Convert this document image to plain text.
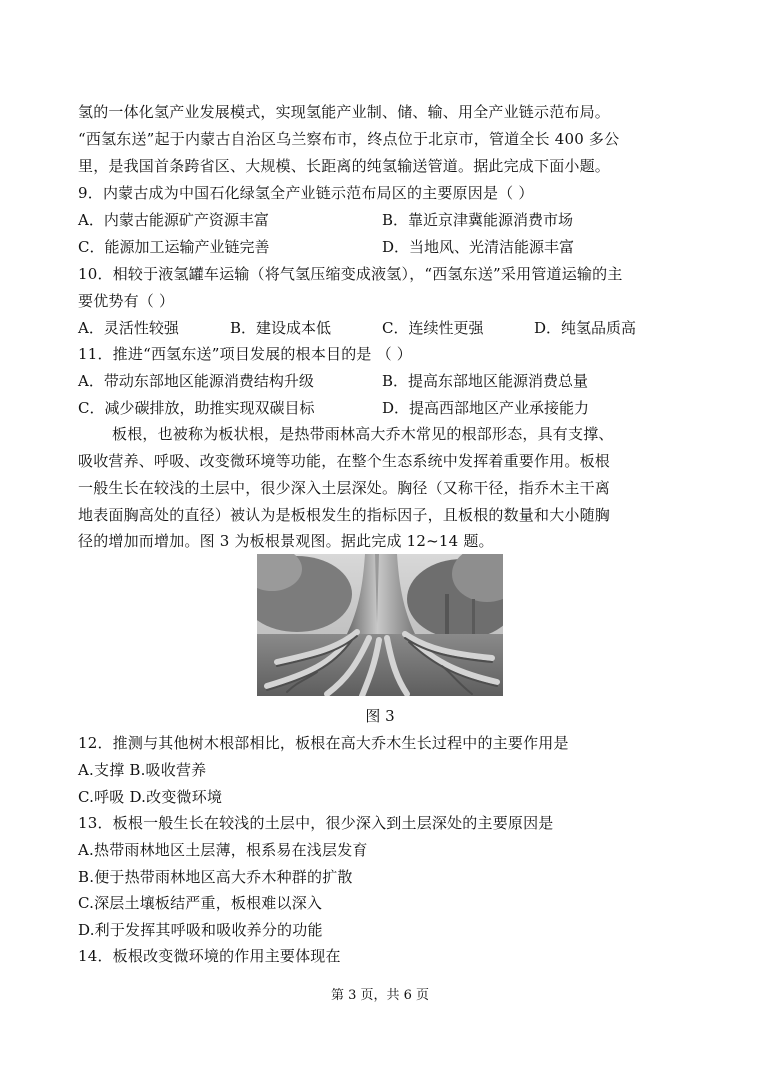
氢的一体化氢产业发展模式，实现氢能产业制、储、输、用全产业链示范布局。
“西氢东送”起于内蒙古自治区乌兰察布市，终点位于北京市，管道全长 400 多公
里，是我国首条跨省区、大规模、长距离的纯氢输送管道。据此完成下面小题。
9．内蒙古成为中国石化绿氢全产业链示范布局区的主要原因是（ ）
A．内蒙古能源矿产资源丰富	B．靠近京津冀能源消费市场
C．能源加工运输产业链完善	D．当地风、光清洁能源丰富
10．相较于液氢罐车运输（将气氢压缩变成液氢），“西氢东送”采用管道运输的主
要优势有（ ）
A．灵活性较强	B．建设成本低	C．连续性更强	D．纯氢品质高
11．推进“西氢东送”项目发展的根本目的是 （ ）
A．带动东部地区能源消费结构升级	B．提高东部地区能源消费总量
C．减少碳排放，助推实现双碳目标	D．提高西部地区产业承接能力
板根，也被称为板状根，是热带雨林高大乔木常见的根部形态，具有支撑、
吸收营养、呼吸、改变微环境等功能，在整个生态系统中发挥着重要作用。板根
一般生长在较浅的土层中，很少深入土层深处。胸径（又称干径，指乔木主干离
地表面胸高处的直径）被认为是板根发生的指标因子，且板根的数量和大小随胸
径的增加而增加。图 3 为板根景观图。据此完成 12~14 题。
图 3
12．推测与其他树木根部相比，板根在高大乔木生长过程中的主要作用是
A.支撑 B.吸收营养
C.呼吸 D.改变微环境
13．板根一般生长在较浅的土层中，很少深入到土层深处的主要原因是
A.热带雨林地区土层薄，根系易在浅层发育
B.便于热带雨林地区高大乔木种群的扩散
C.深层土壤板结严重，板根难以深入
D.利于发挥其呼吸和吸收养分的功能
14．板根改变微环境的作用主要体现在
第 3 页，共 6 页
